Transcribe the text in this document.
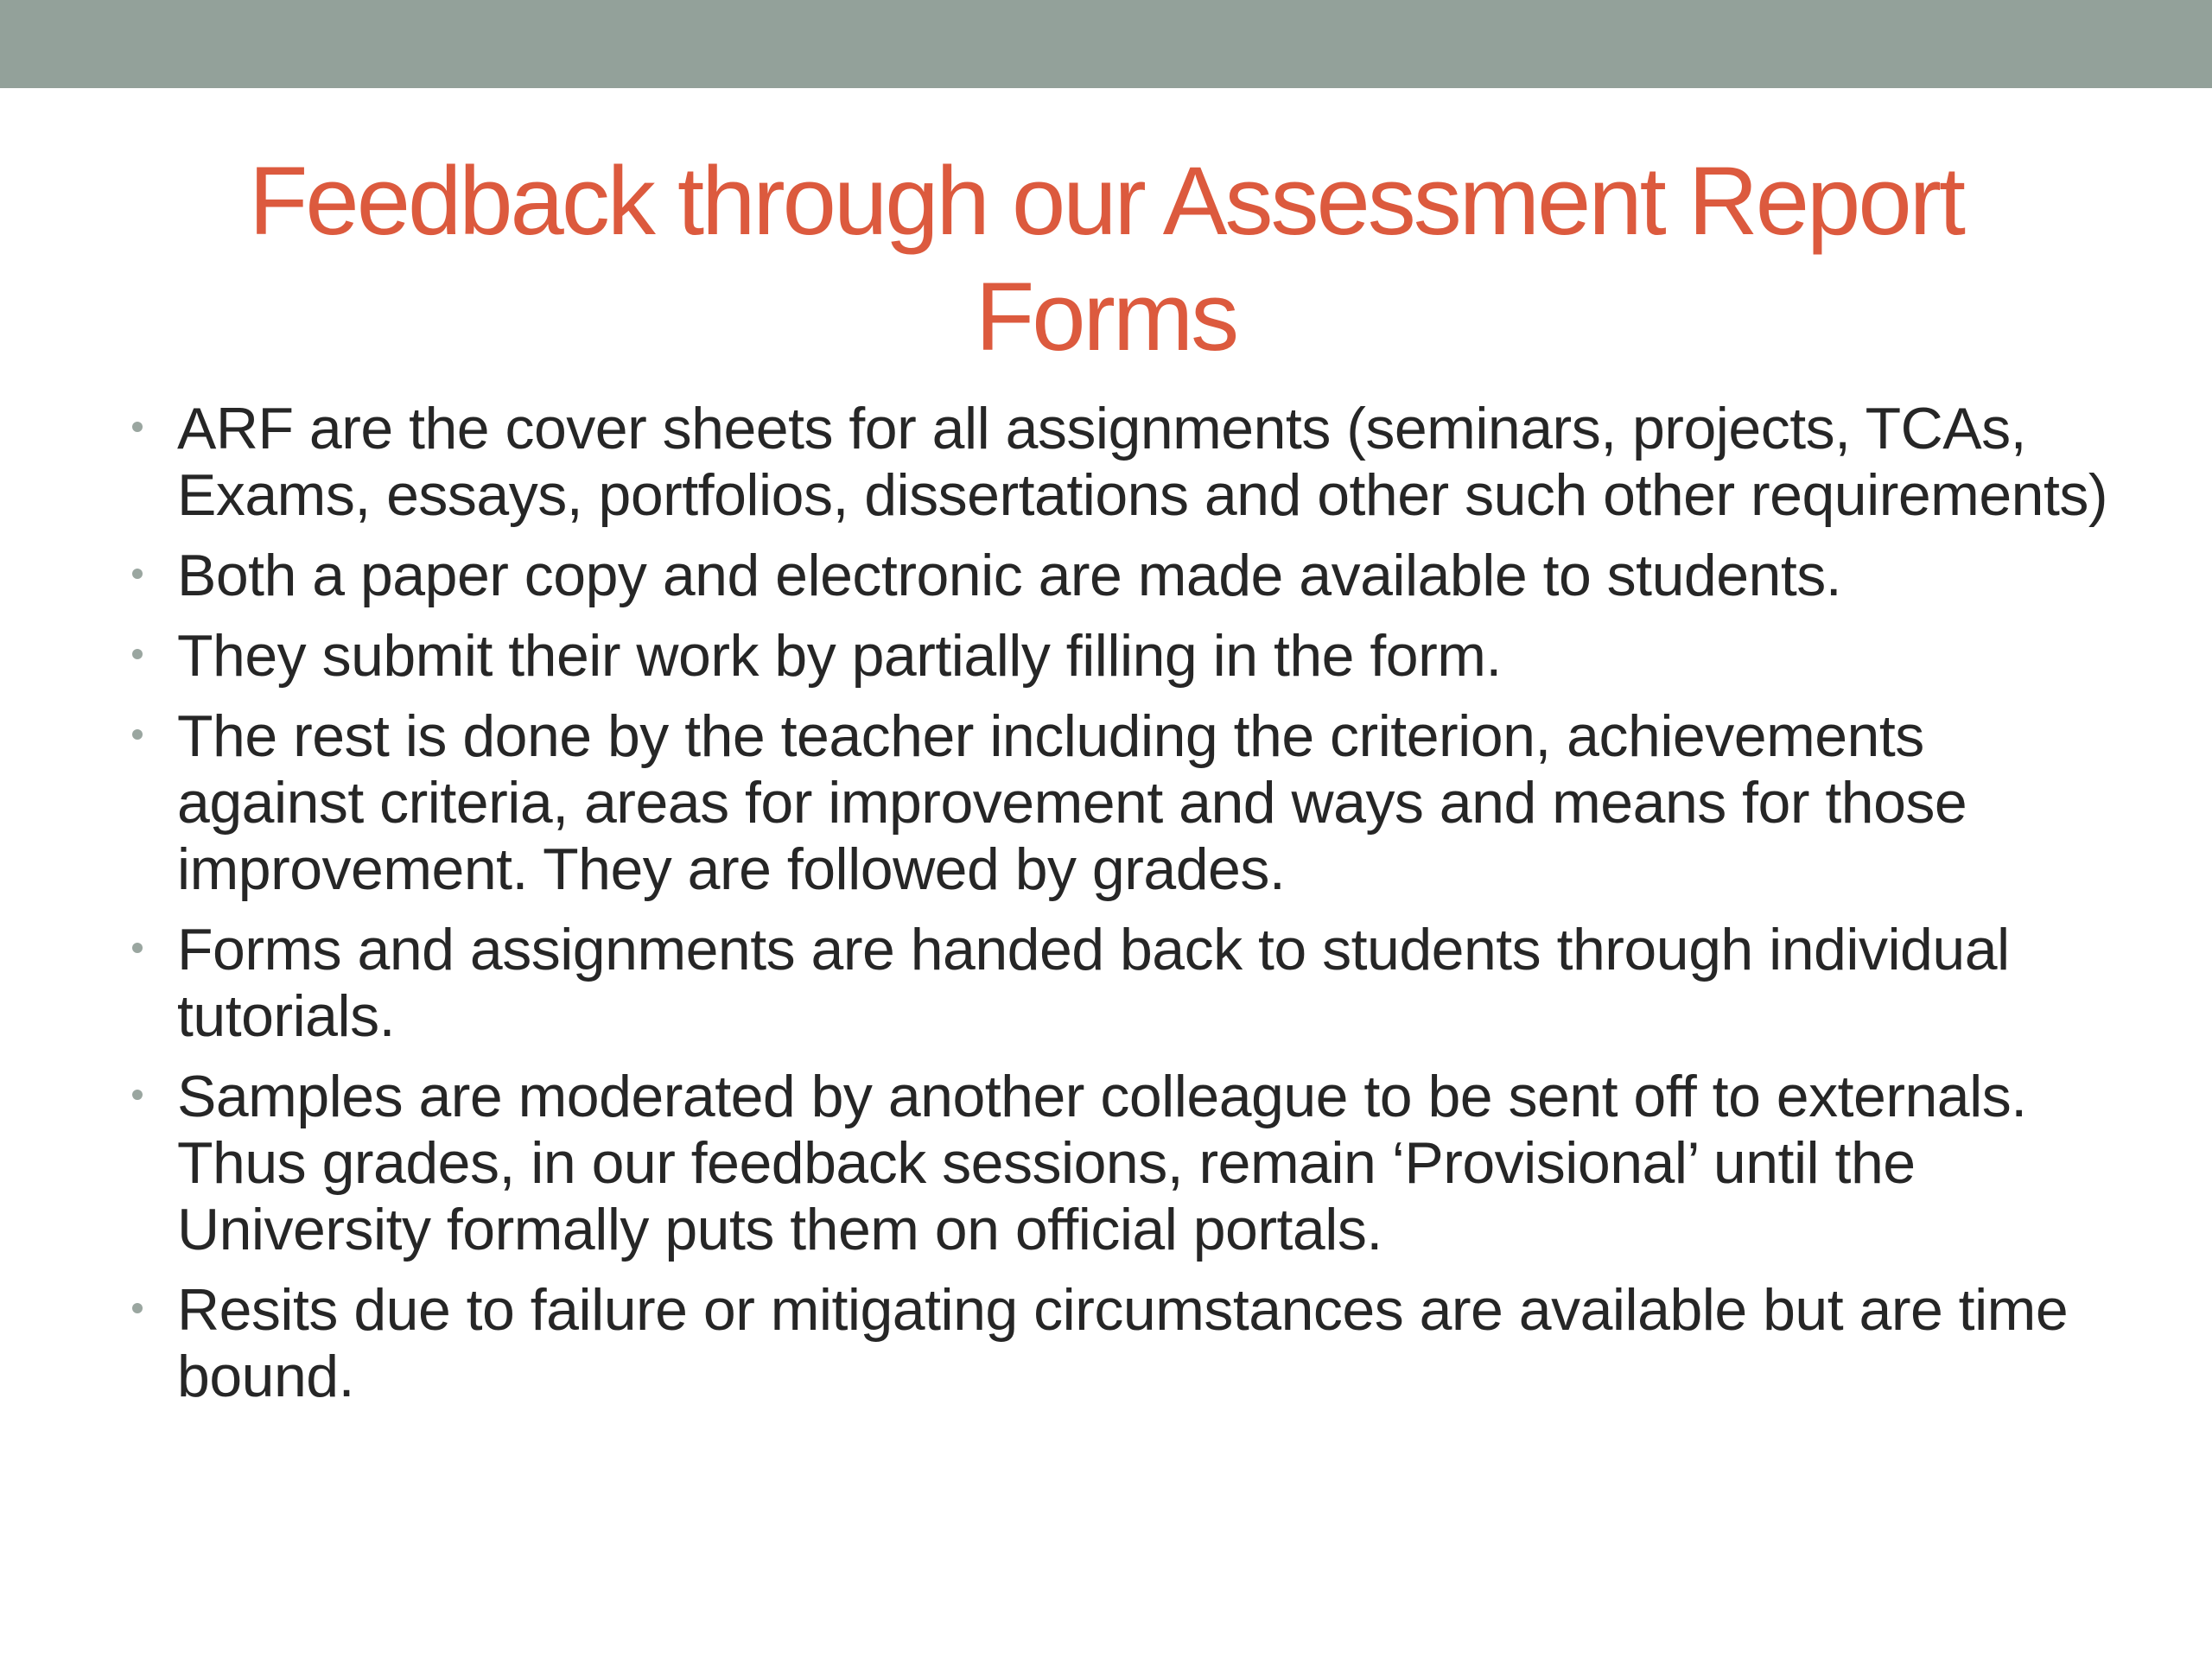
Feedback through our Assessment Report
Forms
ARF are the cover sheets for all assignments (seminars, projects, TCAs, Exams, essays, portfolios, dissertations and other such other requirements)
Both a paper copy and electronic are made available to students.
They submit their work by partially filling in the form.
The rest is done by the teacher including the criterion, achievements against criteria, areas for improvement and ways and means for those improvement. They are followed by grades.
Forms and assignments are handed back to students through individual tutorials.
Samples are moderated by another colleague to be sent off to externals. Thus grades, in our feedback sessions, remain ‘Provisional’ until the University formally puts them on official portals.
Resits due to failure or mitigating circumstances are available but are time bound.
